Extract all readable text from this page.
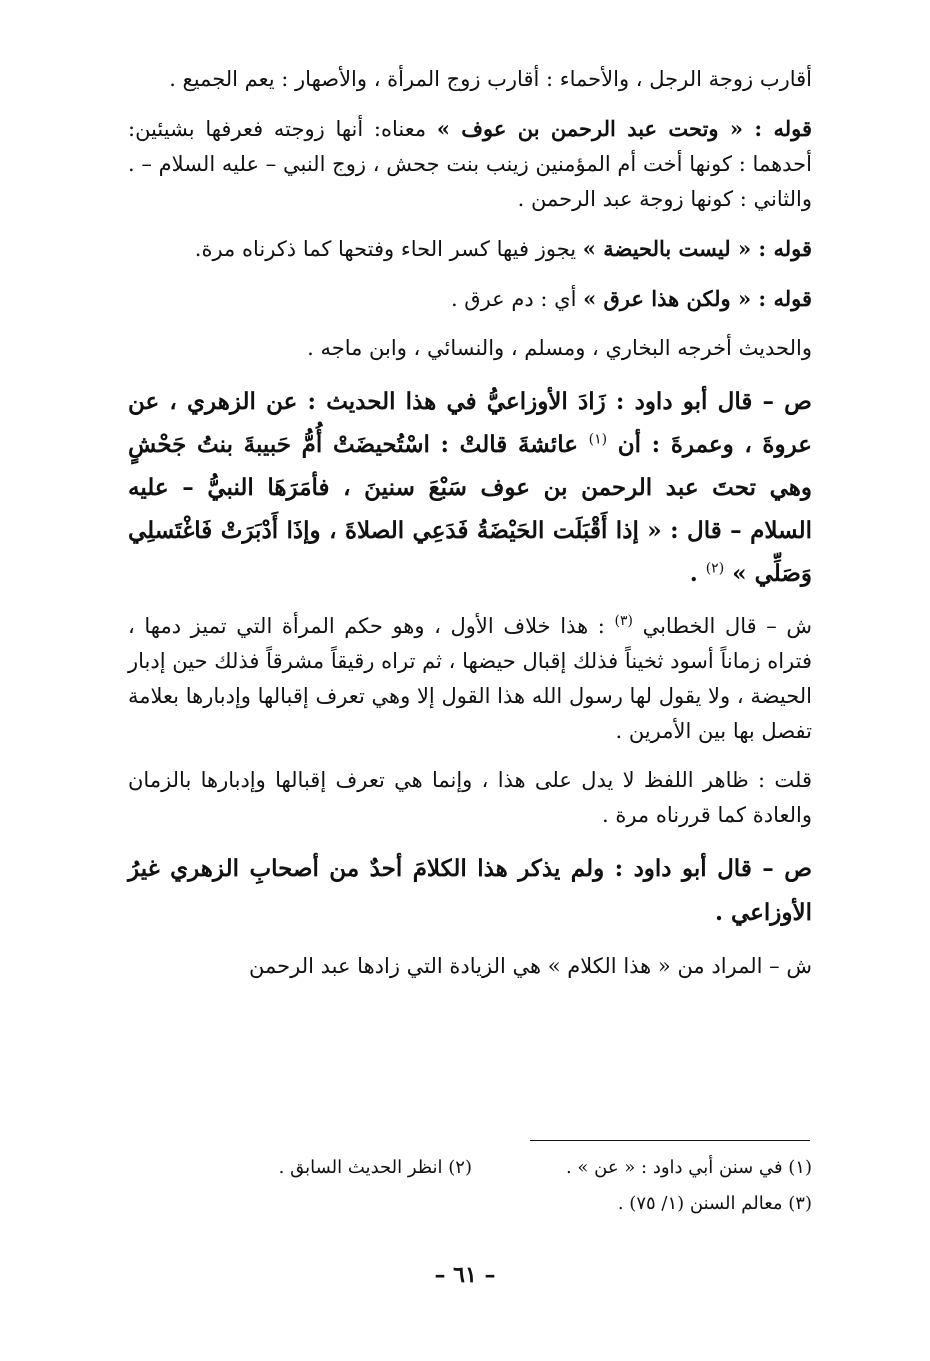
أقارب زوجة الرجل ، والأحماء : أقارب زوج المرأة ، والأصهار : يعم الجميع .

قوله : « وتحت عبد الرحمن بن عوف » معناه: أنها زوجته فعرفها بشيئين: أحدهما : كونها أخت أم المؤمنين زينب بنت جحش ، زوج النبي – عليه السلام – . والثاني : كونها زوجة عبد الرحمن .

قوله : « ليست بالحيضة » يجوز فيها كسر الحاء وفتحها كما ذكرناه مرة.

قوله : « ولكن هذا عرق » أي : دم عرق .

والحديث أخرجه البخاري ، ومسلم ، والنسائي ، وابن ماجه .

ص – قال أبو داود : زَادَ الأوزاعيُّ في هذا الحديث : عن الزهري ، عن عروةَ ، وعمرةَ : أن $^{(١)}$ عائشةَ قالتْ : اسْتُحيضَتْ أُمُّ حَبيبةَ بنتُ جَحْشٍ وهي تحتَ عبد الرحمن بن عوف سَبْعَ سنينَ ، فأمَرَهَا النبيُّ – عليه السلام – قال : « إذا أَقْبَلَت الحَيْضَةُ فَدَعِي الصلاةَ ، وإذَا أَدْبَرَتْ فَاغْتَسلِي وَصَلِّي » $^{(٢)}$ .

ش – قال الخطابي $^{(٣)}$ : هذا خلاف الأول ، وهو حكم المرأة التي تميز دمها ، فتراه زماناً أسود ثخيناً فذلك إقبال حيضها ، ثم تراه رقيقاً مشرقاً فذلك حين إدبار الحيضة ، ولا يقول لها رسول الله هذا القول إلا وهي تعرف إقبالها وإدبارها بعلامة تفصل بها بين الأمرين .

قلت : ظاهر اللفظ لا يدل على هذا ، وإنما هي تعرف إقبالها وإدبارها بالزمان والعادة كما قررناه مرة .

ص – قال أبو داود : ولم يذكر هذا الكلامَ أحدٌ من أصحابِ الزهري غيرُ الأوزاعي .

ش – المراد من « هذا الكلام » هي الزيادة التي زادها عبد الرحمن

(١) في سنن أبي داود : « عن » .
(٢) انظر الحديث السابق .
(٣) معالم السنن (١/ ٧٥) .
– ٦١ –
